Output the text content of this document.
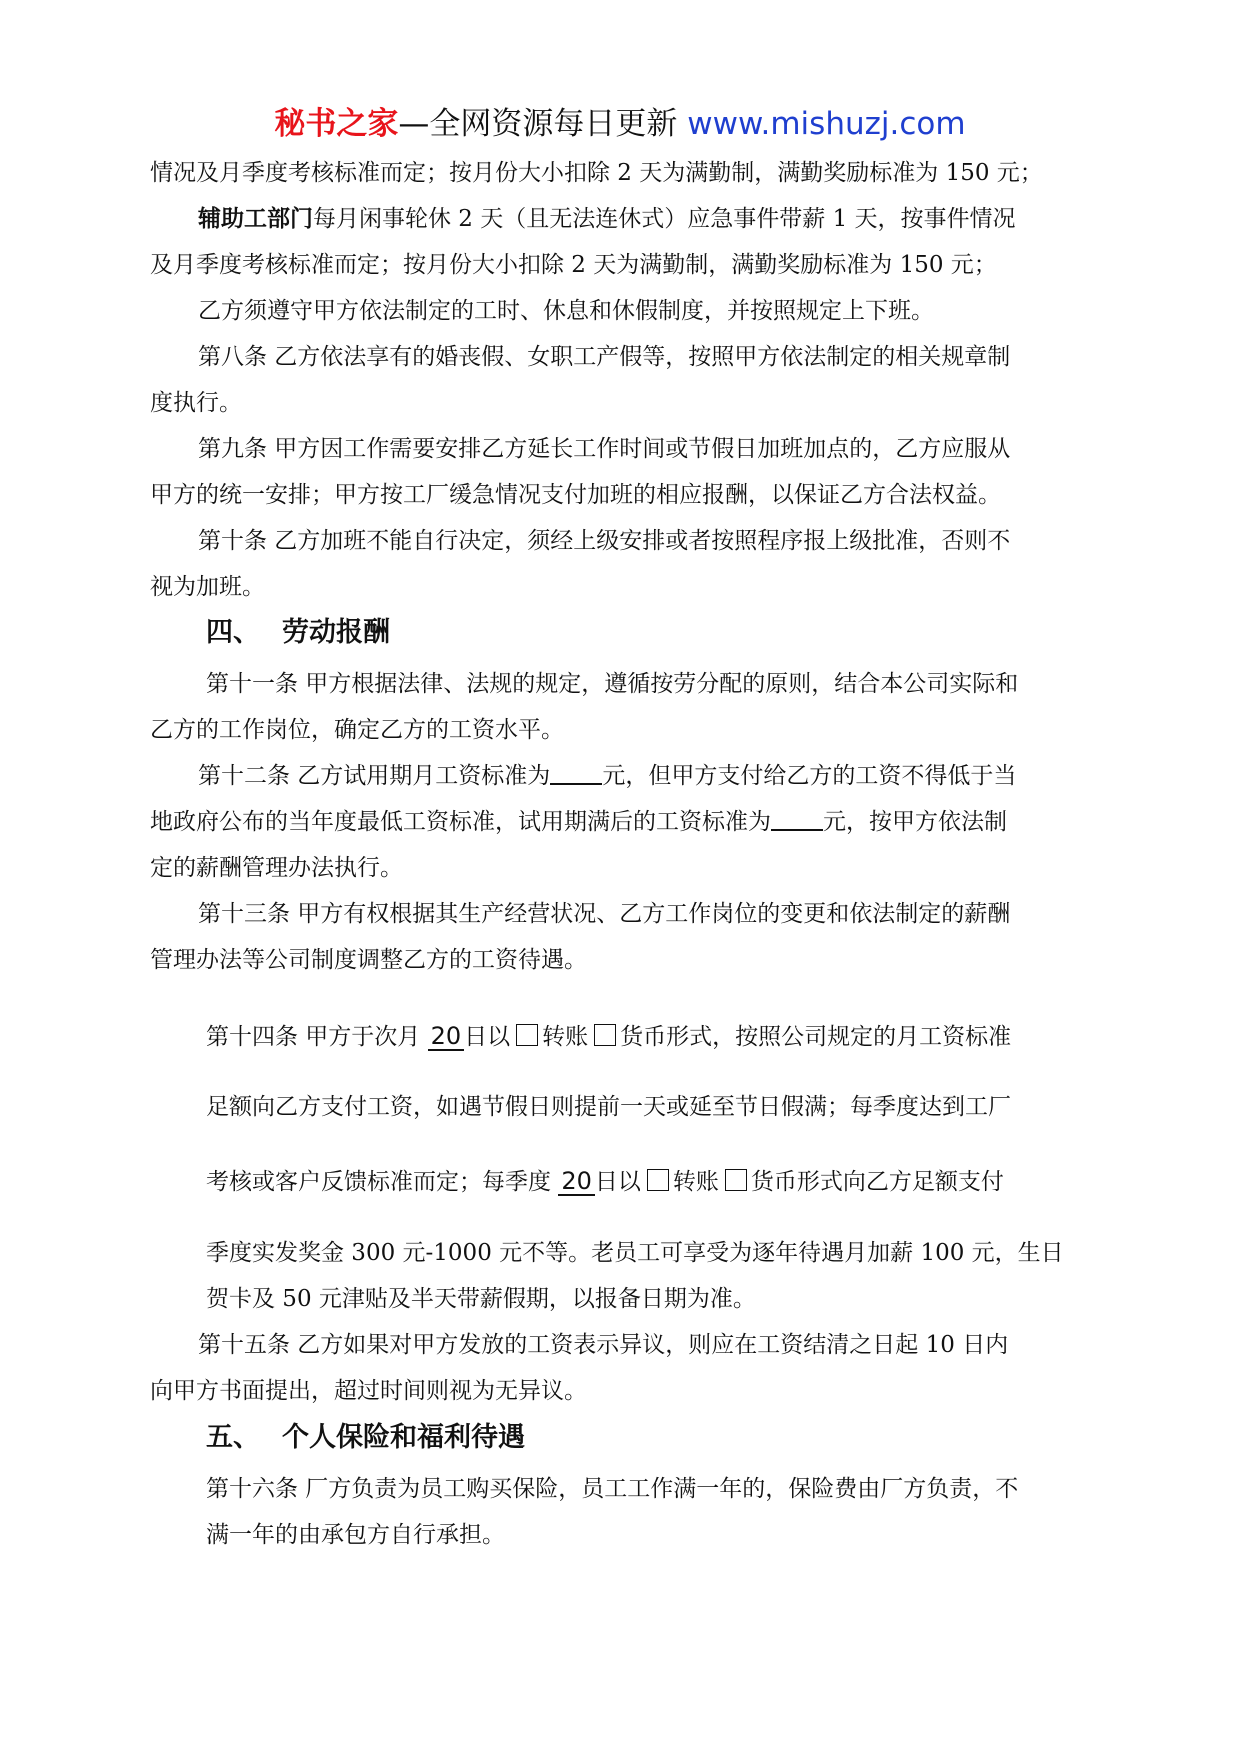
秘书之家—全网资源每日更新 www.mishuzj.com
情况及月季度考核标准而定；按月份大小扣除 2 天为满勤制，满勤奖励标准为 150 元；
辅助工部门每月闲事轮休 2 天（且无法连休式）应急事件带薪 1 天，按事件情况
及月季度考核标准而定；按月份大小扣除 2 天为满勤制，满勤奖励标准为 150 元；
乙方须遵守甲方依法制定的工时、休息和休假制度，并按照规定上下班。
第八条 乙方依法享有的婚丧假、女职工产假等，按照甲方依法制定的相关规章制
度执行。
第九条 甲方因工作需要安排乙方延长工作时间或节假日加班加点的，乙方应服从
甲方的统一安排；甲方按工厂缓急情况支付加班的相应报酬，以保证乙方合法权益。
第十条 乙方加班不能自行决定，须经上级安排或者按照程序报上级批准，否则不
视为加班。
四、 劳动报酬
第十一条 甲方根据法律、法规的规定，遵循按劳分配的原则，结合本公司实际和
乙方的工作岗位，确定乙方的工资水平。
第十二条 乙方试用期月工资标准为 元，但甲方支付给乙方的工资不得低于当
地政府公布的当年度最低工资标准，试用期满后的工资标准为 元，按甲方依法制
定的薪酬管理办法执行。
第十三条 甲方有权根据其生产经营状况、乙方工作岗位的变更和依法制定的薪酬
管理办法等公司制度调整乙方的工资待遇。
第十四条 甲方于次月 20 日以 转账 货币形式，按照公司规定的月工资标准
足额向乙方支付工资，如遇节假日则提前一天或延至节日假满；每季度达到工厂
考核或客户反馈标准而定；每季度 20 日以 转账 货币形式向乙方足额支付
季度实发奖金 300 元-1000 元不等。老员工可享受为逐年待遇月加薪 100 元，生日
贺卡及 50 元津贴及半天带薪假期，以报备日期为准。
第十五条 乙方如果对甲方发放的工资表示异议，则应在工资结清之日起 10 日内
向甲方书面提出，超过时间则视为无异议。
五、 个人保险和福利待遇
第十六条 厂方负责为员工购买保险，员工工作满一年的，保险费由厂方负责，不
满一年的由承包方自行承担。
